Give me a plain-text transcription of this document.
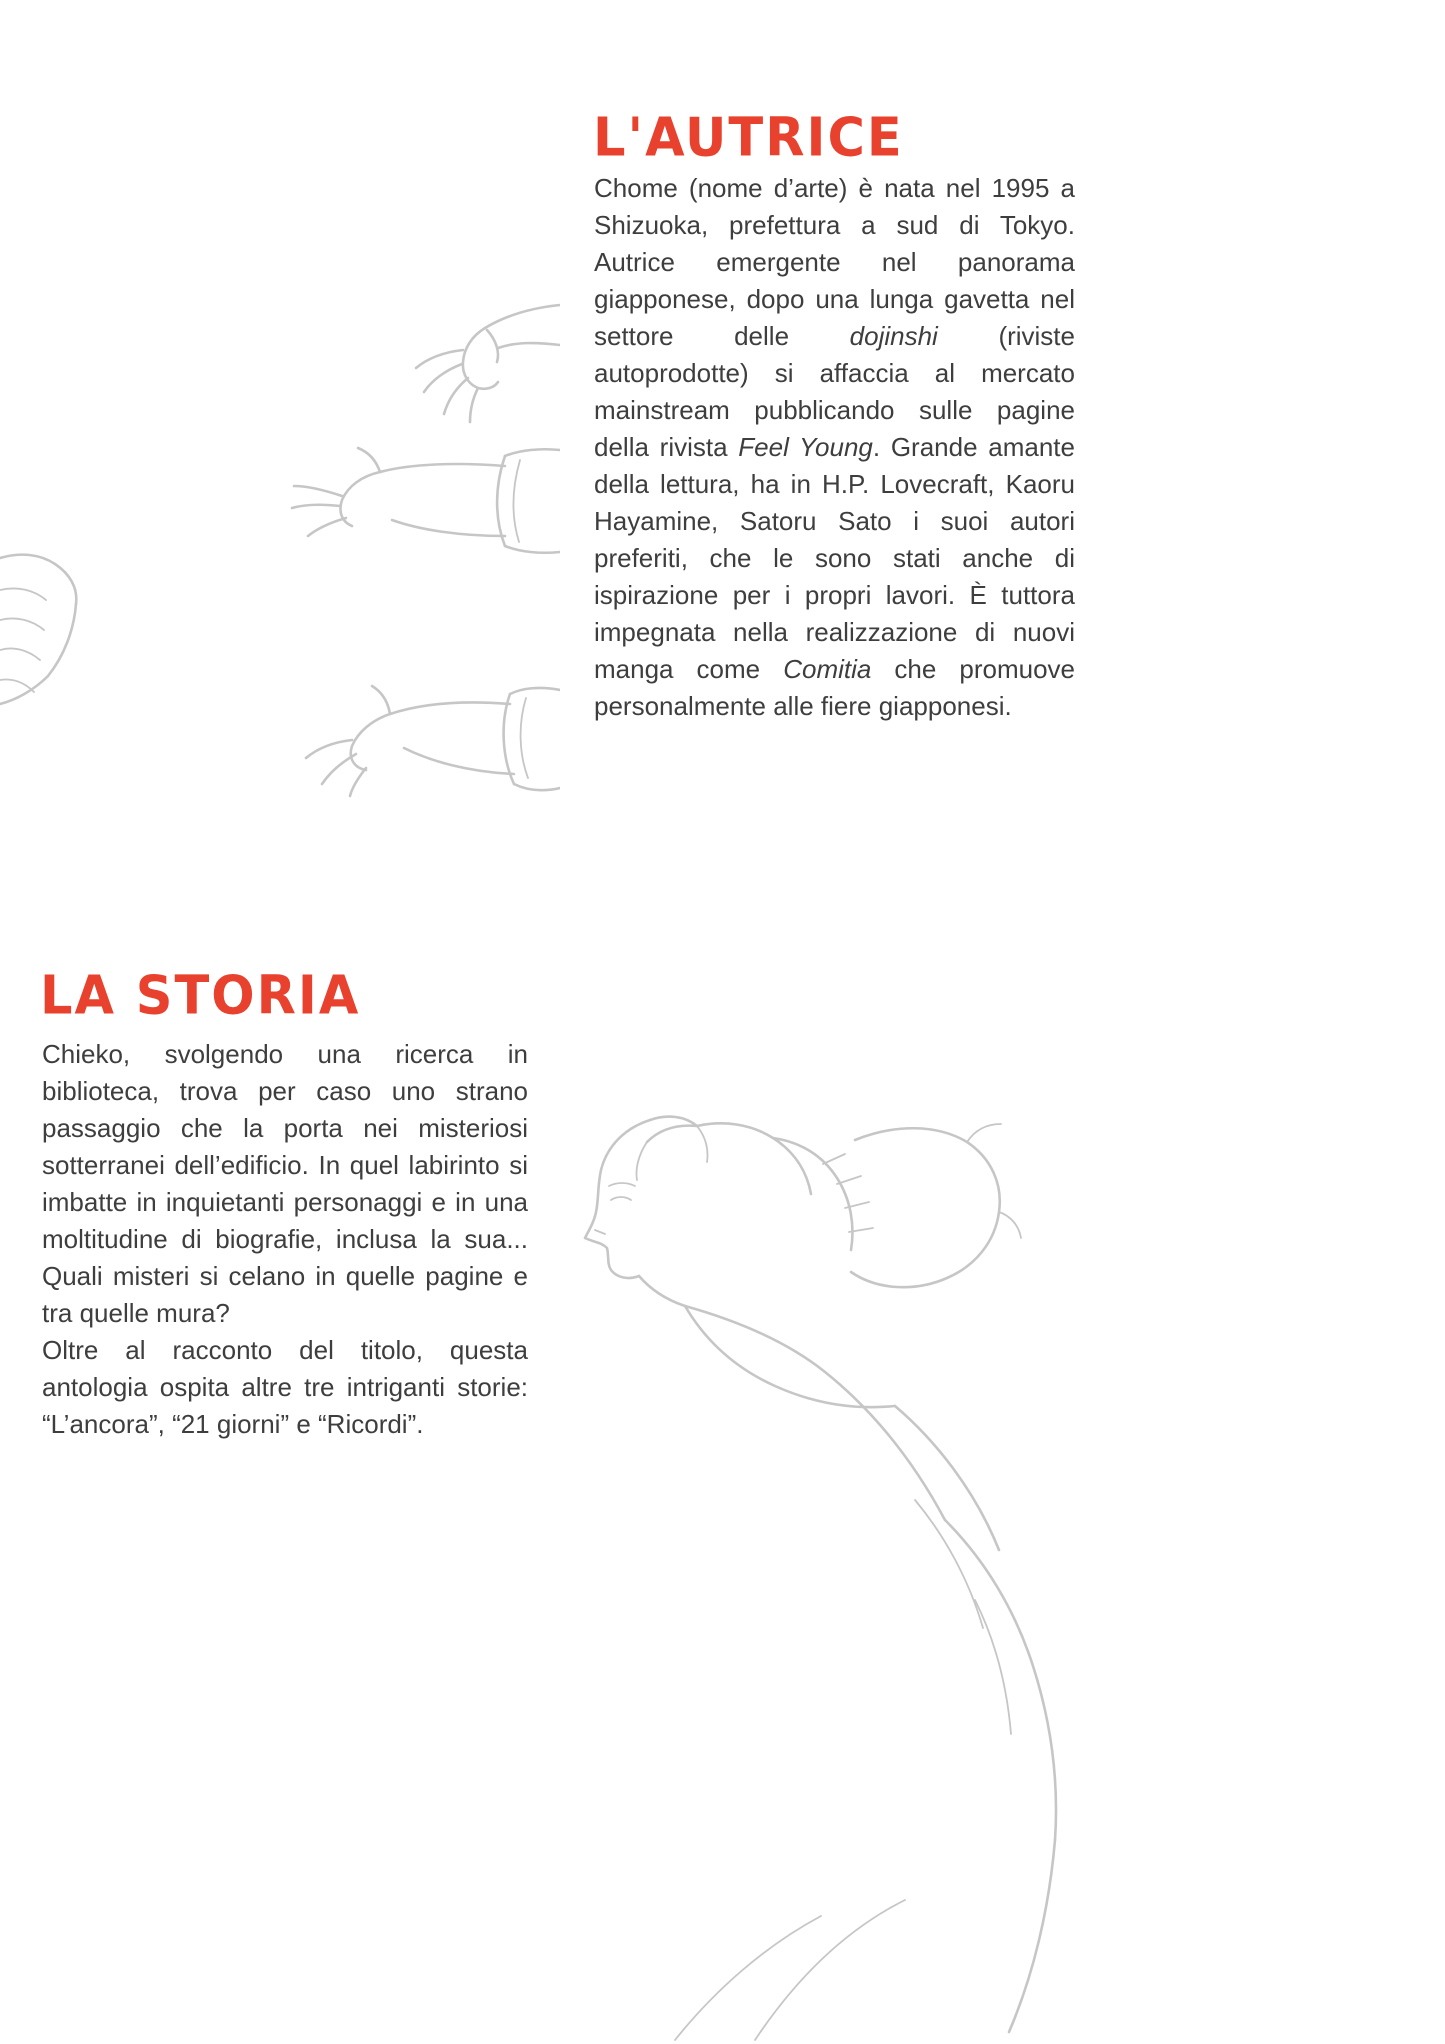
L'AUTRICE
Chome (nome d’arte) è nata nel 1995 a Shizuoka, prefettura a sud di Tokyo. Autrice emergente nel panorama giapponese, dopo una lunga gavetta nel settore delle dojinshi (riviste autoprodotte) si affaccia al mercato mainstream pubblicando sulle pagine della rivista Feel Young. Grande amante della lettura, ha in H.P. Lovecraft, Kaoru Hayamine, Satoru Sato i suoi autori preferiti, che le sono stati anche di ispirazione per i propri lavori. È tuttora impegnata nella realizzazione di nuovi manga come Comitia che promuove personalmente alle fiere giapponesi.
LA STORIA

Chieko, svolgendo una ricerca in biblioteca, trova per caso uno strano passaggio che la porta nei misteriosi sotterranei dell’edificio. In quel labirinto si imbatte in inquietanti personaggi e in una moltitudine di biografie, inclusa la sua... Quali misteri si celano in quelle pagine e tra quelle mura?

Oltre al racconto del titolo, questa antologia ospita altre tre intriganti storie: “L’ancora”, “21 giorni” e “Ricordi”.
